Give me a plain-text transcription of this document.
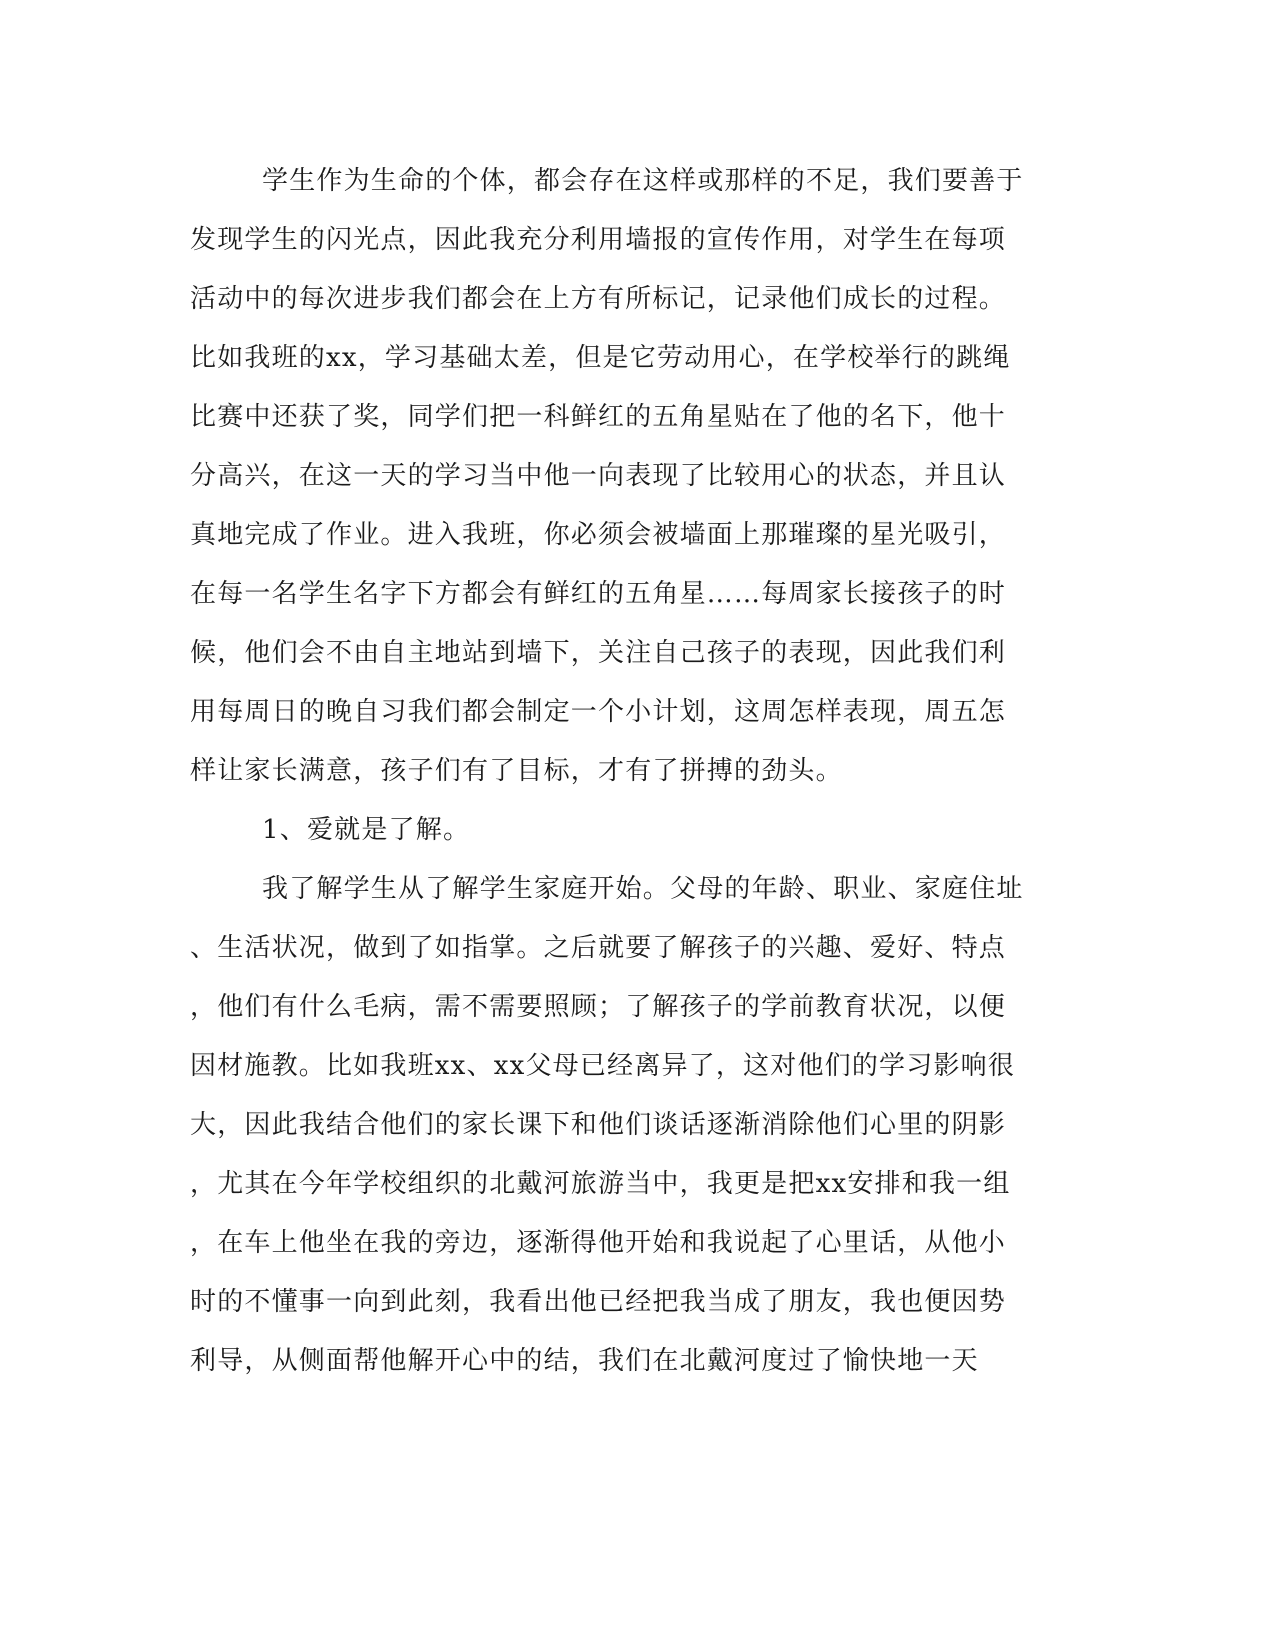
学生作为生命的个体，都会存在这样或那样的不足，我们要善于
发现学生的闪光点，因此我充分利用墙报的宣传作用，对学生在每项
活动中的每次进步我们都会在上方有所标记，记录他们成长的过程。
比如我班的xx，学习基础太差，但是它劳动用心，在学校举行的跳绳
比赛中还获了奖，同学们把一科鲜红的五角星贴在了他的名下，他十
分高兴，在这一天的学习当中他一向表现了比较用心的状态，并且认
真地完成了作业。进入我班，你必须会被墙面上那璀璨的星光吸引，
在每一名学生名字下方都会有鲜红的五角星……每周家长接孩子的时
候，他们会不由自主地站到墙下，关注自己孩子的表现，因此我们利
用每周日的晚自习我们都会制定一个小计划，这周怎样表现，周五怎
样让家长满意，孩子们有了目标，才有了拼搏的劲头。
1、爱就是了解。
我了解学生从了解学生家庭开始。父母的年龄、职业、家庭住址
、生活状况，做到了如指掌。之后就要了解孩子的兴趣、爱好、特点
，他们有什么毛病，需不需要照顾；了解孩子的学前教育状况，以便
因材施教。比如我班xx、xx父母已经离异了，这对他们的学习影响很
大，因此我结合他们的家长课下和他们谈话逐渐消除他们心里的阴影
，尤其在今年学校组织的北戴河旅游当中，我更是把xx安排和我一组
，在车上他坐在我的旁边，逐渐得他开始和我说起了心里话，从他小
时的不懂事一向到此刻，我看出他已经把我当成了朋友，我也便因势
利导，从侧面帮他解开心中的结，我们在北戴河度过了愉快地一天
